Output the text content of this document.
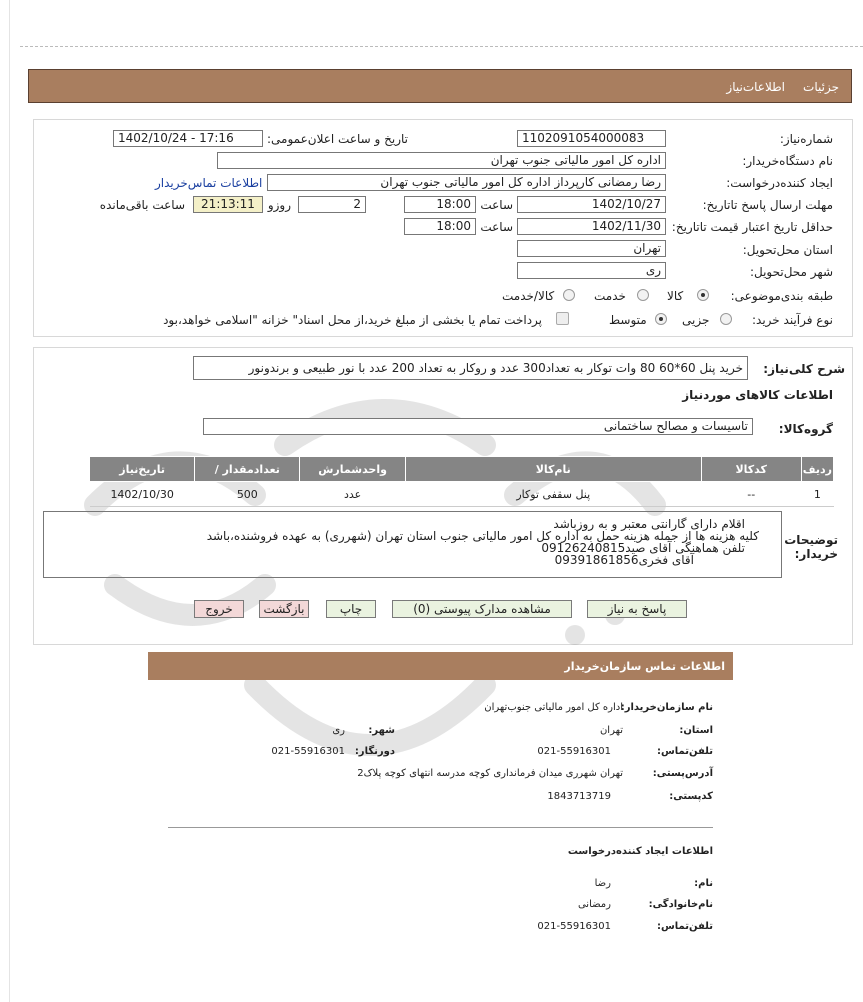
جزئیات
اطلاعات‌نیاز
شماره‌نیاز:
1102091054000083
تاریخ و ساعت اعلان‌عمومی:
1402/10/24 - 17:16
نام دستگاه‌خریدار:
اداره کل امور مالیاتی جنوب تهران
ایجاد کننده‌درخواست:
رضا رمضانی کارپرداز اداره کل امور مالیاتی جنوب تهران
اطلاعات تماس‌خریدار
مهلت ارسال پاسخ تا‌تاریخ:
1402/10/27
ساعت
18:00
2
روزو
21:13:11
ساعت باقی‌مانده
حداقل تاریخ اعتبار قیمت تا‌تاریخ:
1402/11/30
ساعت
18:00
استان محل‌تحویل:
تهران
شهر محل‌تحویل:
ری
طبقه بندی‌موضوعی:
کالا
خدمت
کالا/خدمت
نوع فرآیند خرید:
جزیی
متوسط
پرداخت تمام یا بخشی از مبلغ خرید،از محل اسناد" خزانه "اسلامی خواهد،بود
شرح کلی‌نیاز:
خرید پنل 60*60 80 وات توکار به تعداد300 عدد و روکار به تعداد 200 عدد با نور طبیعی و برندونور
اطلاعات کالاهای موردنیاز
گروه‌کالا:
تاسیسات و مصالح ساختمانی
ردیف	کدکالا	نام‌کالا	واحدشمارش	تعدادمقدار /	تاریخ‌نیاز
1	--	پنل سقفی توکار	عدد	500	1402/10/30
توضیحات خریدار:
اقلام دارای گارانتی معتبر و به روزباشد
کلیه هزینه ها از جمله هزینه حمل به اداره کل امور مالیاتی جنوب استان تهران (شهرری) به عهده فروشنده،باشد
تلفن هماهنگی آقای صید09126240815
آقای فخری09391861856
پاسخ به نیاز
مشاهده مدارک پیوستی (0)
چاپ
بازگشت
خروج
اطلاعات تماس سازمان‌خریدار
نام سازمان‌خریدار:
اداره کل امور مالیاتی جنوب‌تهران
استان:
تهران
شهر:
ری
تلفن‌تماس:
021-55916301
دورنگار:
021-55916301
آدرس‌پستی:
تهران شهرری میدان فرمانداری کوچه مدرسه انتهای کوچه پلاک2
کدپستی:
1843713719
اطلاعات ایجاد کننده‌درخواست
نام:
رضا
نام‌خانوادگی:
رمضانی
تلفن‌تماس:
021-55916301
